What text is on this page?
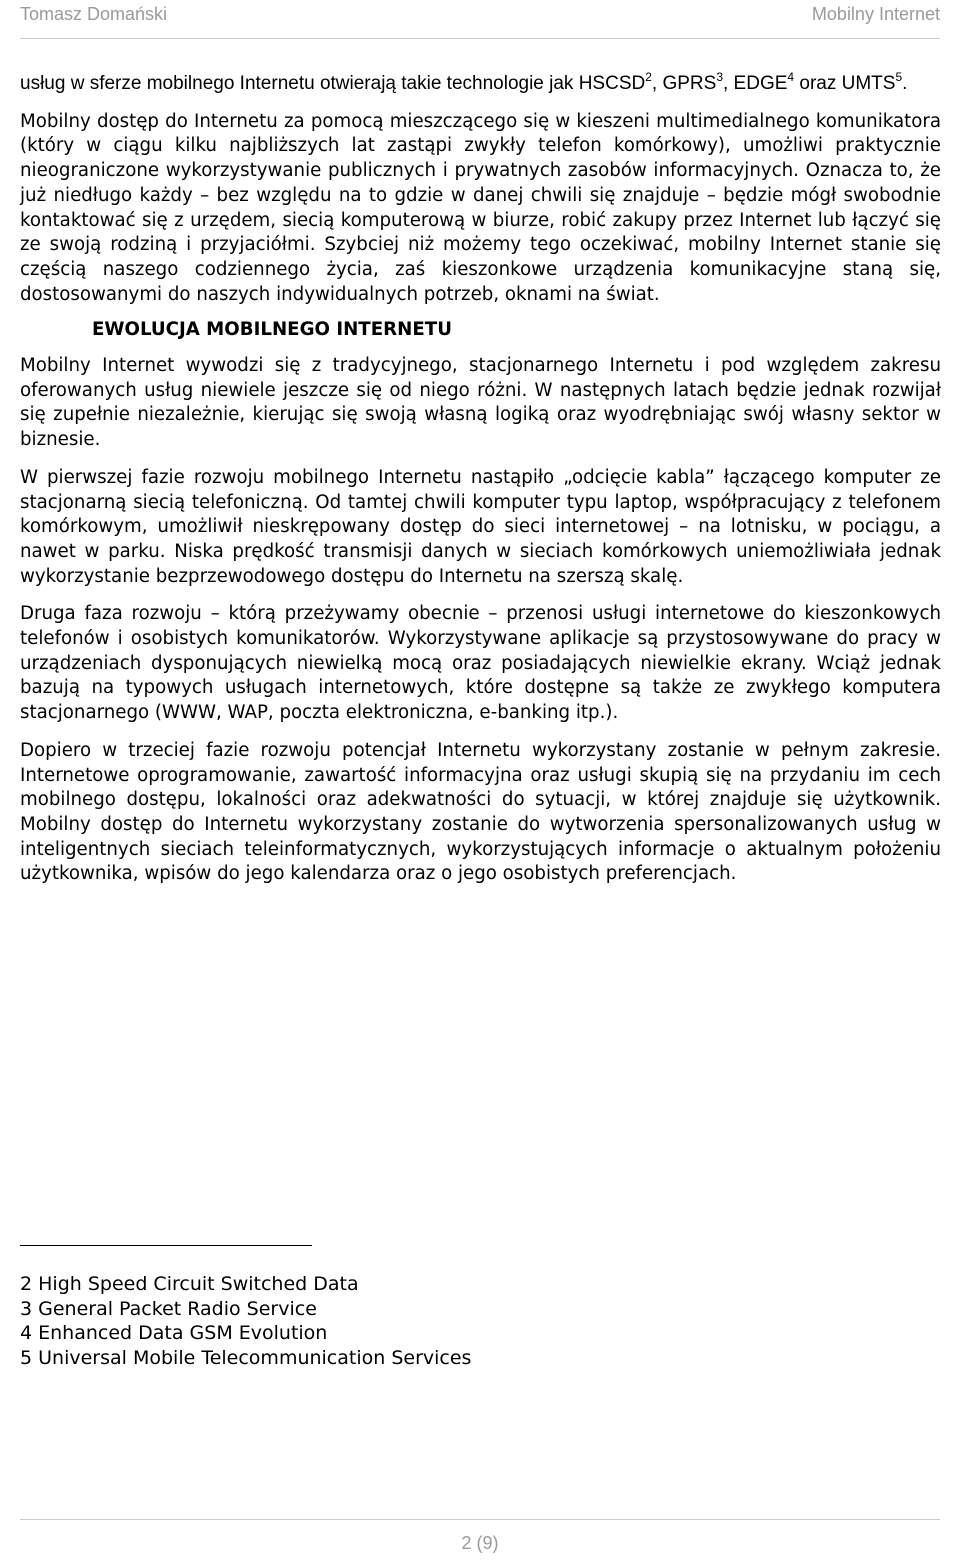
Tomasz Domański	Mobilny Internet

usług w sferze mobilnego Internetu otwierają takie technologie jak HSCSD$^2$, GPRS$^3$, EDGE$^4$ oraz UMTS$^5$.

Mobilny dostęp do Internetu za pomocą mieszczącego się w kieszeni multimedialnego komunikatora (który w ciągu kilku najbliższych lat zastąpi zwykły telefon komórkowy), umożliwi praktycznie nieograniczone wykorzystywanie publicznych i prywatnych zasobów informacyjnych. Oznacza to, że już niedługo każdy – bez względu na to gdzie w danej chwili się znajduje – będzie mógł swobodnie kontaktować się z urzędem, siecią komputerową w biurze, robić zakupy przez Internet lub łączyć się ze swoją rodziną i przyjaciółmi. Szybciej niż możemy tego oczekiwać, mobilny Internet stanie się częścią naszego codziennego życia, zaś kieszonkowe urządzenia komunikacyjne staną się, dostosowanymi do naszych indywidualnych potrzeb, oknami na świat.

EWOLUCJA MOBILNEGO INTERNETU

Mobilny Internet wywodzi się z tradycyjnego, stacjonarnego Internetu i pod względem zakresu oferowanych usług niewiele jeszcze się od niego różni. W następnych latach będzie jednak rozwijał się zupełnie niezależnie, kierując się swoją własną logiką oraz wyodrębniając swój własny sektor w biznesie.

W pierwszej fazie rozwoju mobilnego Internetu nastąpiło „odcięcie kabla” łączącego komputer ze stacjonarną siecią telefoniczną. Od tamtej chwili komputer typu laptop, współpracujący z telefonem komórkowym, umożliwił nieskrępowany dostęp do sieci internetowej – na lotnisku, w pociągu, a nawet w parku. Niska prędkość transmisji danych w sieciach komórkowych uniemożliwiała jednak wykorzystanie bezprzewodowego dostępu do Internetu na szerszą skalę.

Druga faza rozwoju – którą przeżywamy obecnie – przenosi usługi internetowe do kieszonkowych telefonów i osobistych komunikatorów. Wykorzystywane aplikacje są przystosowywane do pracy w urządzeniach dysponujących niewielką mocą oraz posiadających niewielkie ekrany. Wciąż jednak bazują na typowych usługach internetowych, które dostępne są także ze zwykłego komputera stacjonarnego (WWW, WAP, poczta elektroniczna, e-banking itp.).

Dopiero w trzeciej fazie rozwoju potencjał Internetu wykorzystany zostanie w pełnym zakresie. Internetowe oprogramowanie, zawartość informacyjna oraz usługi skupią się na przydaniu im cech mobilnego dostępu, lokalności oraz adekwatności do sytuacji, w której znajduje się użytkownik. Mobilny dostęp do Internetu wykorzystany zostanie do wytworzenia spersonalizowanych usług w inteligentnych sieciach teleinformatycznych, wykorzystujących informacje o aktualnym położeniu użytkownika, wpisów do jego kalendarza oraz o jego osobistych preferencjach.

2 High Speed Circuit Switched Data
3 General Packet Radio Service
4 Enhanced Data GSM Evolution
5 Universal Mobile Telecommunication Services
2 (9)
